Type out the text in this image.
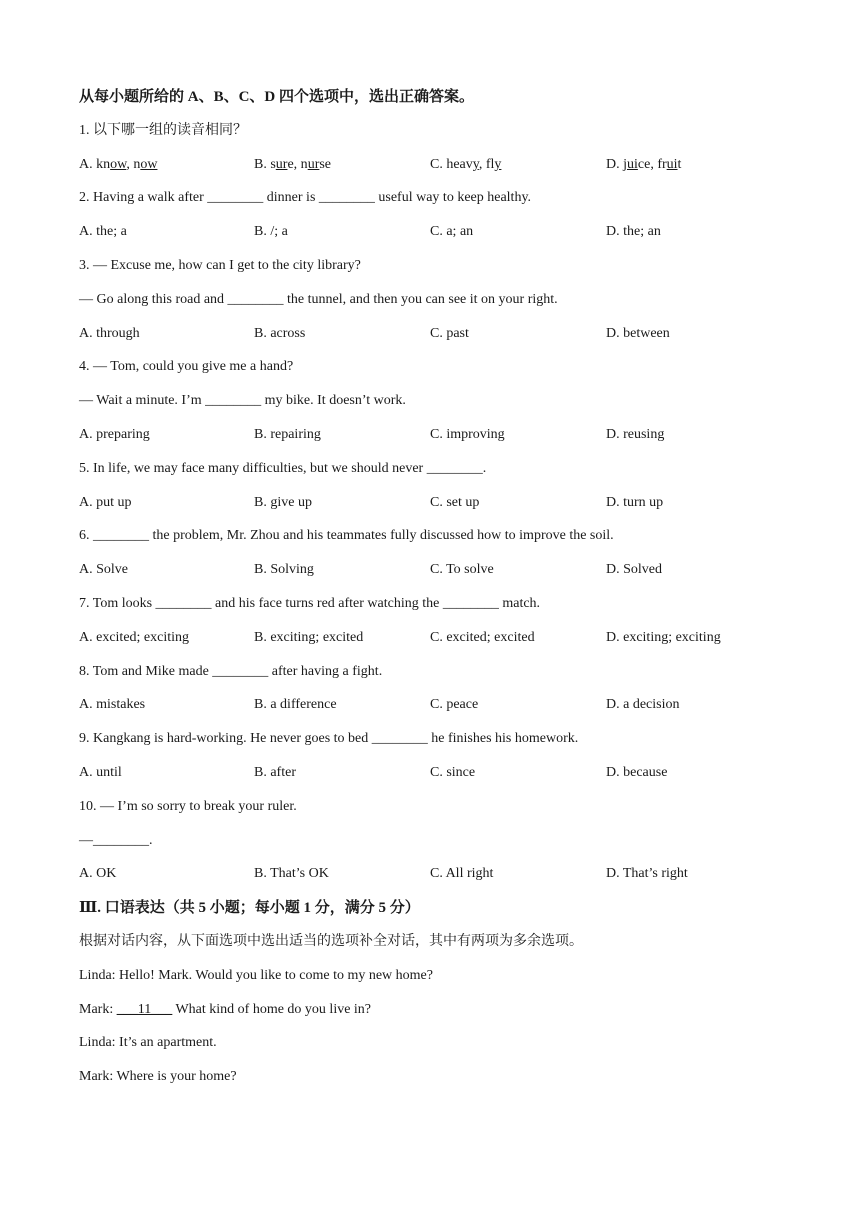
从每小题所给的 A、B、C、D 四个选项中，选出正确答案。
1. 以下哪一组的读音相同？
A. know, now	B. sure, nurse	C. heavy, fly	D. juice, fruit
2. Having a walk after ________ dinner is ________ useful way to keep healthy.
A. the; a	B. /; a	C. a; an	D. the; an
3. — Excuse me, how can I get to the city library?
— Go along this road and ________ the tunnel, and then you can see it on your right.
A. through	B. across	C. past	D. between
4. — Tom, could you give me a hand?
— Wait a minute. I’m ________ my bike. It doesn’t work.
A. preparing	B. repairing	C. improving	D. reusing
5. In life, we may face many difficulties, but we should never ________.
A. put up	B. give up	C. set up	D. turn up
6. ________ the problem, Mr. Zhou and his teammates fully discussed how to improve the soil.
A. Solve	B. Solving	C. To solve	D. Solved
7. Tom looks ________ and his face turns red after watching the ________ match.
A. excited; exciting	B. exciting; excited	C. excited; excited	D. exciting; exciting
8. Tom and Mike made ________ after having a fight.
A. mistakes	B. a difference	C. peace	D. a decision
9. Kangkang is hard-working. He never goes to bed ________ he finishes his homework.
A. until	B. after	C. since	D. because
10. — I’m so sorry to break your ruler.
—________.
A. OK	B. That’s OK	C. All right	D. That’s right
Ⅲ. 口语表达（共 5 小题；每小题 1 分，满分 5 分）
根据对话内容，从下面选项中选出适当的选项补全对话，其中有两项为多余选项。
Linda: Hello! Mark. Would you like to come to my new home?
Mark: ___11___ What kind of home do you live in?
Linda: It’s an apartment.
Mark: Where is your home?
